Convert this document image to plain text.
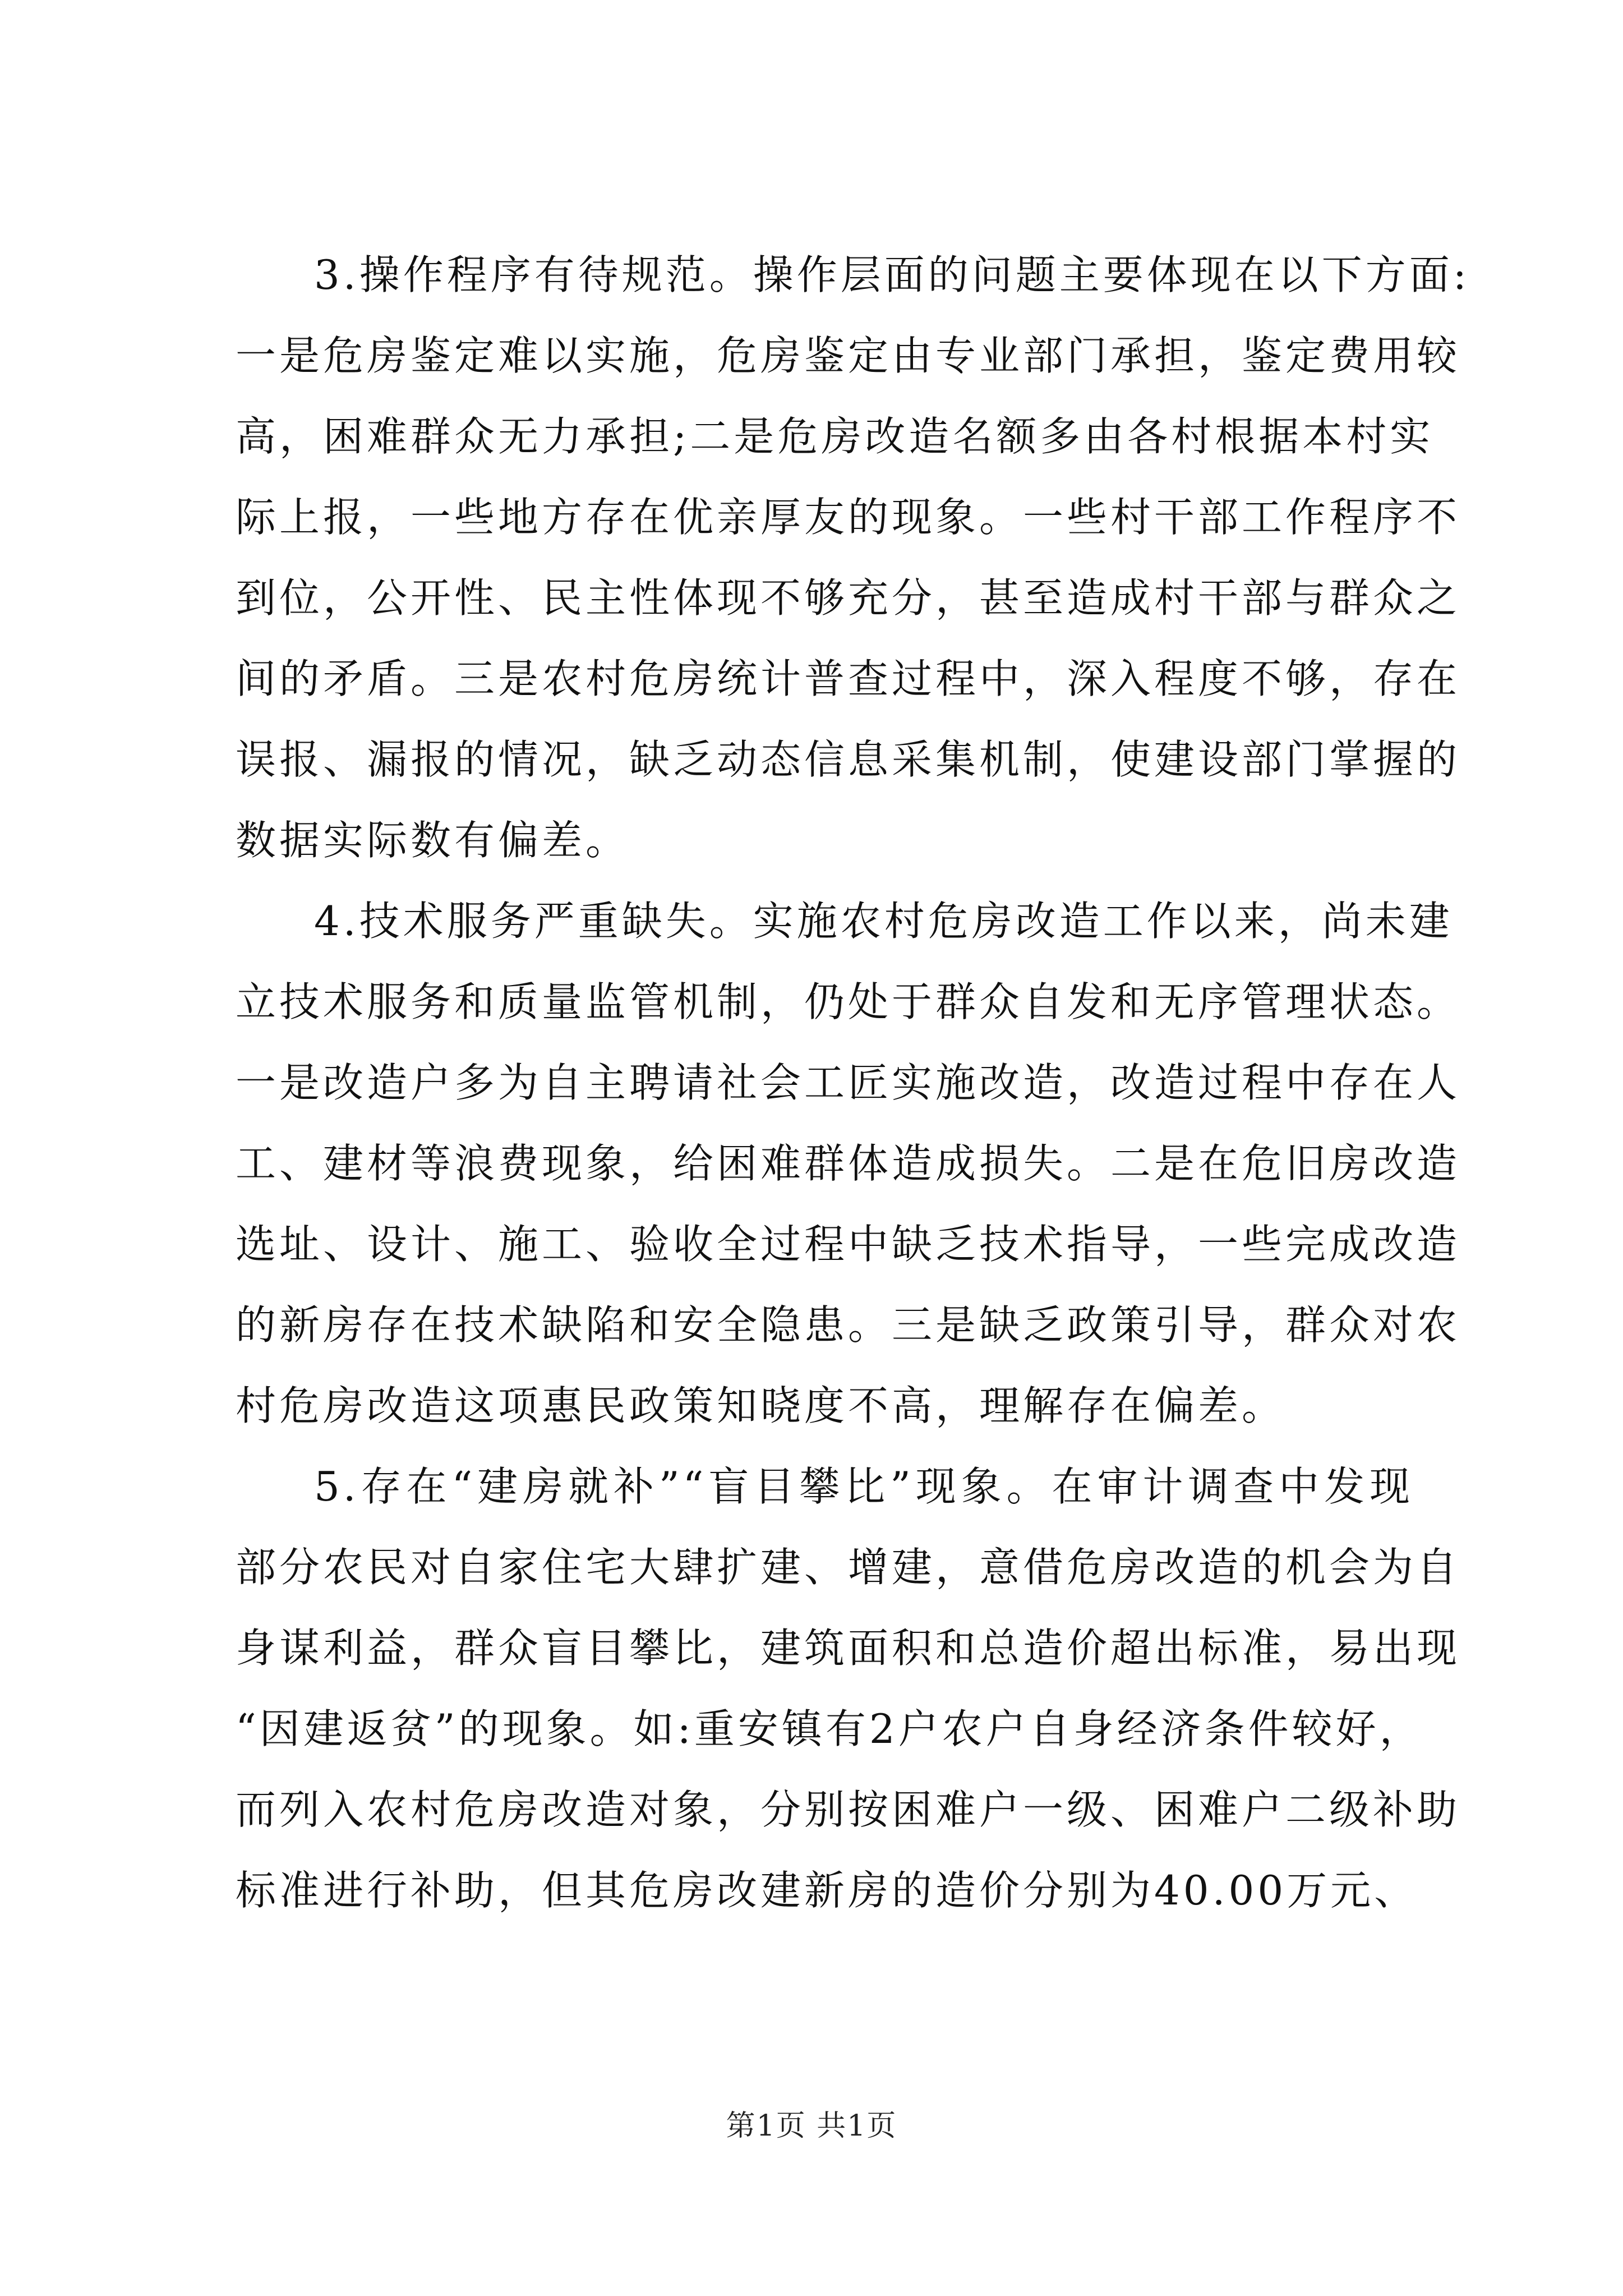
3.操作程序有待规范。操作层面的问题主要体现在以下方面:
一是危房鉴定难以实施，危房鉴定由专业部门承担，鉴定费用较
高，困难群众无力承担;二是危房改造名额多由各村根据本村实
际上报，一些地方存在优亲厚友的现象。一些村干部工作程序不
到位，公开性、民主性体现不够充分，甚至造成村干部与群众之
间的矛盾。三是农村危房统计普查过程中，深入程度不够，存在
误报、漏报的情况，缺乏动态信息采集机制，使建设部门掌握的
数据实际数有偏差。
4.技术服务严重缺失。实施农村危房改造工作以来，尚未建
立技术服务和质量监管机制，仍处于群众自发和无序管理状态。
一是改造户多为自主聘请社会工匠实施改造，改造过程中存在人
工、建材等浪费现象，给困难群体造成损失。二是在危旧房改造
选址、设计、施工、验收全过程中缺乏技术指导，一些完成改造
的新房存在技术缺陷和安全隐患。三是缺乏政策引导，群众对农
村危房改造这项惠民政策知晓度不高，理解存在偏差。
5.存在“建房就补”“盲目攀比”现象。在审计调查中发现
部分农民对自家住宅大肆扩建、增建，意借危房改造的机会为自
身谋利益，群众盲目攀比，建筑面积和总造价超出标准，易出现
“因建返贫”的现象。如:重安镇有2户农户自身经济条件较好，
而列入农村危房改造对象，分别按困难户一级、困难户二级补助
标准进行补助，但其危房改建新房的造价分别为40.00万元、
第1页 共1页
